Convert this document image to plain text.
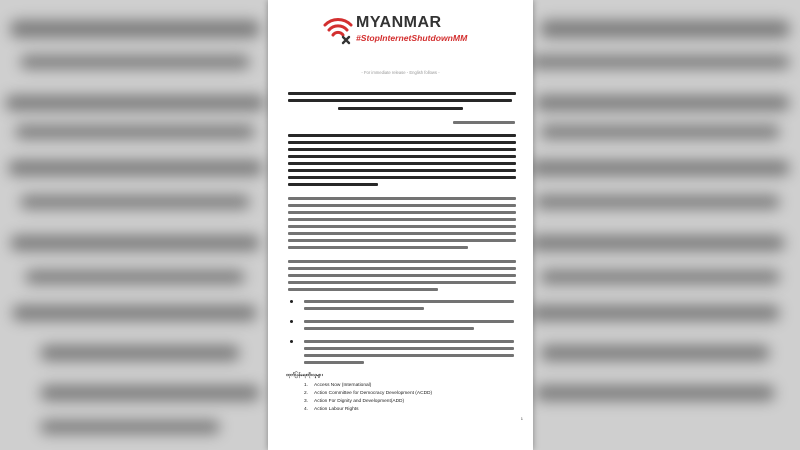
MYANMAR
#StopInternetShutdownMM
- For immediate release - English follows -
ထုတ်ပြန်ရေးထိုးသူများ
1. Access Now (International)
2. Action Committee for Democracy Development (ACDD)
3. Action For Dignity and Development(ADD)
4. Action Labour Rights
1
